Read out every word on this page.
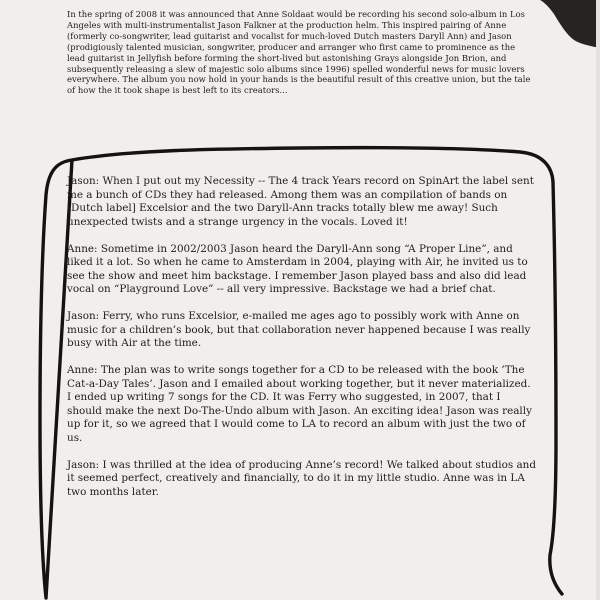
In the spring of 2008 it was announced that Anne Soldaat would be recording his second solo-album in Los Angeles with multi-instrumentalist Jason Falkner at the production helm. This inspired pairing of Anne (formerly co-songwriter, lead guitarist and vocalist for much-loved Dutch masters Daryll Ann) and Jason (prodigiously talented musician, songwriter, producer and arranger who first came to prominence as the lead guitarist in Jellyfish before forming the short-lived but astonishing Grays alongside Jon Brion, and subsequently releasing a slew of majestic solo albums since 1996) spelled wonderful news for music lovers everywhere. The album you now hold in your hands is the beautiful result of this creative union, but the tale of how the it took shape is best left to its creators...

Jason: When I put out my Necessity -- The 4 track Years record on SpinArt the label sent me a bunch of CDs they had released. Among them was an compilation of bands on [Dutch label] Excelsior and the two Daryll-Ann tracks totally blew me away! Such unexpected twists and a strange urgency in the vocals. Loved it!

Anne: Sometime in 2002/2003 Jason heard the Daryll-Ann song “A Proper Line”, and liked it a lot. So when he came to Amsterdam in 2004, playing with Air, he invited us to see the show and meet him backstage. I remember Jason played bass and also did lead vocal on “Playground Love” -- all very impressive. Backstage we had a brief chat.

Jason: Ferry, who runs Excelsior, e-mailed me ages ago to possibly work with Anne on music for a children’s book, but that collaboration never happened because I was really busy with Air at the time.

Anne: The plan was to write songs together for a CD to be released with the book ’The Cat-a-Day Tales’. Jason and I emailed about working together, but it never materialized. I ended up writing 7 songs for the CD. It was Ferry who suggested, in 2007, that I should make the next Do-The-Undo album with Jason. An exciting idea! Jason was really up for it, so we agreed that I would come to LA to record an album with just the two of us.

Jason: I was thrilled at the idea of producing Anne’s record! We talked about studios and it seemed perfect, creatively and financially, to do it in my little studio. Anne was in LA two months later.
